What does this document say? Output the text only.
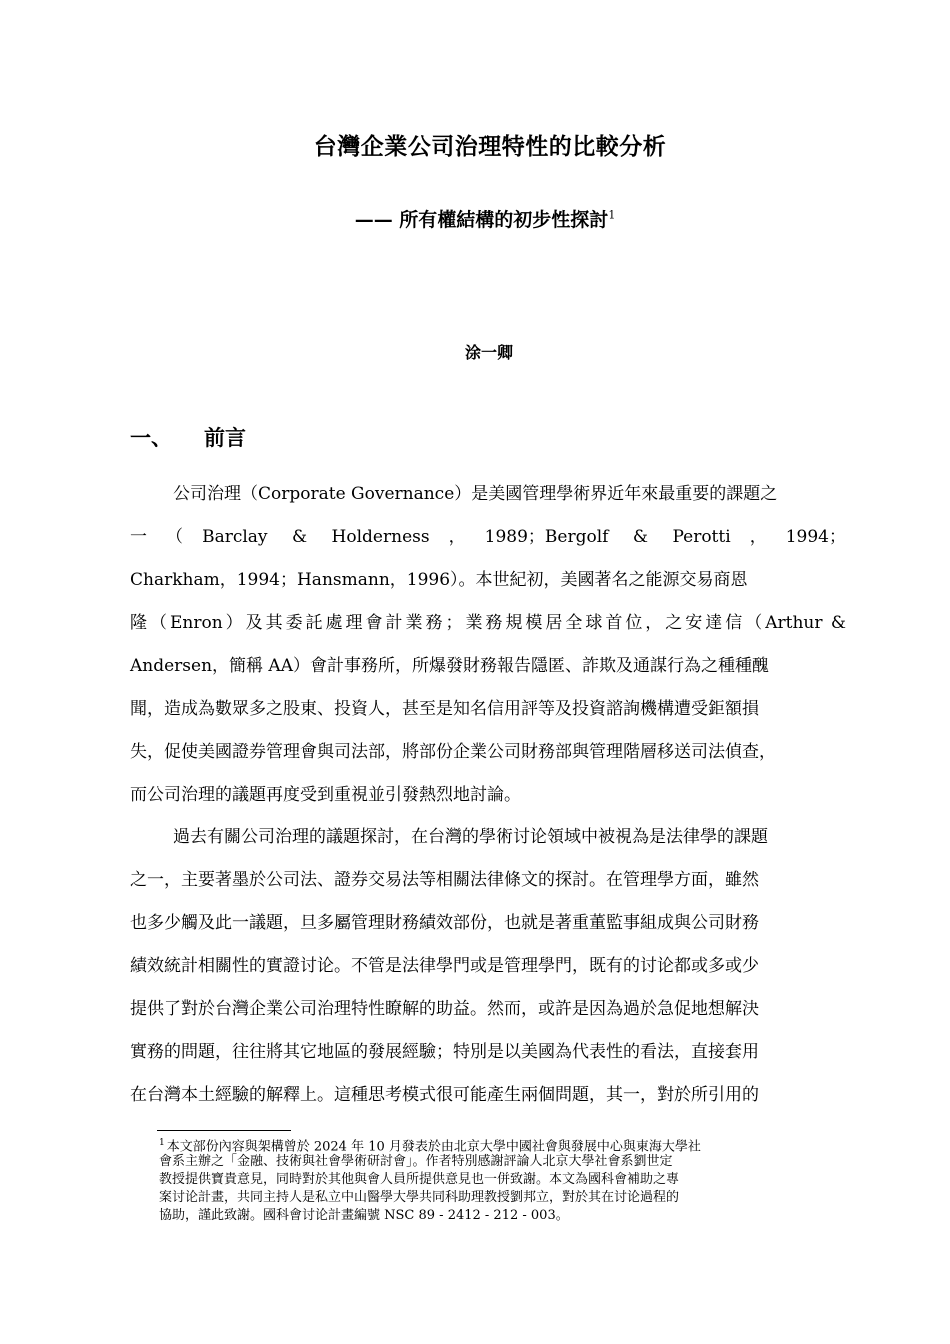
台灣企業公司治理特性的比較分析
—— 所有權結構的初步性探討$^1$
涂一卿
一、 前言
公司治理（Corporate Governance）是美國管理學術界近年來最重要的課題之
一（Barclay & Holderness，1989；Bergolf & Perotti，1994；
Charkham，1994；Hansmann，1996）。本世紀初，美國著名之能源交易商恩
隆（Enron）及其委託處理會計業務；業務規模居全球首位，之安達信（Arthur &
Andersen，簡稱 AA）會計事務所，所爆發財務報告隱匿、詐欺及通謀行為之種種醜
聞，造成為數眾多之股東、投資人，甚至是知名信用評等及投資諮詢機構遭受鉅額損
失，促使美國證券管理會與司法部，將部份企業公司財務部與管理階層移送司法偵查，
而公司治理的議題再度受到重視並引發熱烈地討論。
過去有關公司治理的議題探討，在台灣的學術讨论領域中被視為是法律學的課題
之一，主要著墨於公司法、證券交易法等相關法律條文的探討。在管理學方面，雖然
也多少觸及此一議題，旦多屬管理財務績效部份，也就是著重董監事組成與公司財務
績效統計相關性的實證讨论。不管是法律學門或是管理學門，既有的讨论都或多或少
提供了對於台灣企業公司治理特性瞭解的助益。然而，或許是因為過於急促地想解決
實務的問題，往往將其它地區的發展經驗；特別是以美國為代表性的看法，直接套用
在台灣本土經驗的解釋上。這種思考模式很可能產生兩個問題，其一，對於所引用的
$^1$ 本文部份內容與架構曾於 2024 年 10 月發表於由北京大學中國社會與發展中心與東海大學社
會系主辦之「金融、技術與社會學術研討會」。作者特別感謝評論人北京大學社會系劉世定
教授提供寶貴意見，同時對於其他與會人員所提供意見也一併致謝。本文為國科會補助之專
案讨论計畫，共同主持人是私立中山醫學大學共同科助理教授劉邦立，對於其在讨论過程的
協助，謹此致謝。國科會讨论計畫編號 NSC 89 - 2412 - 212 - 003。
